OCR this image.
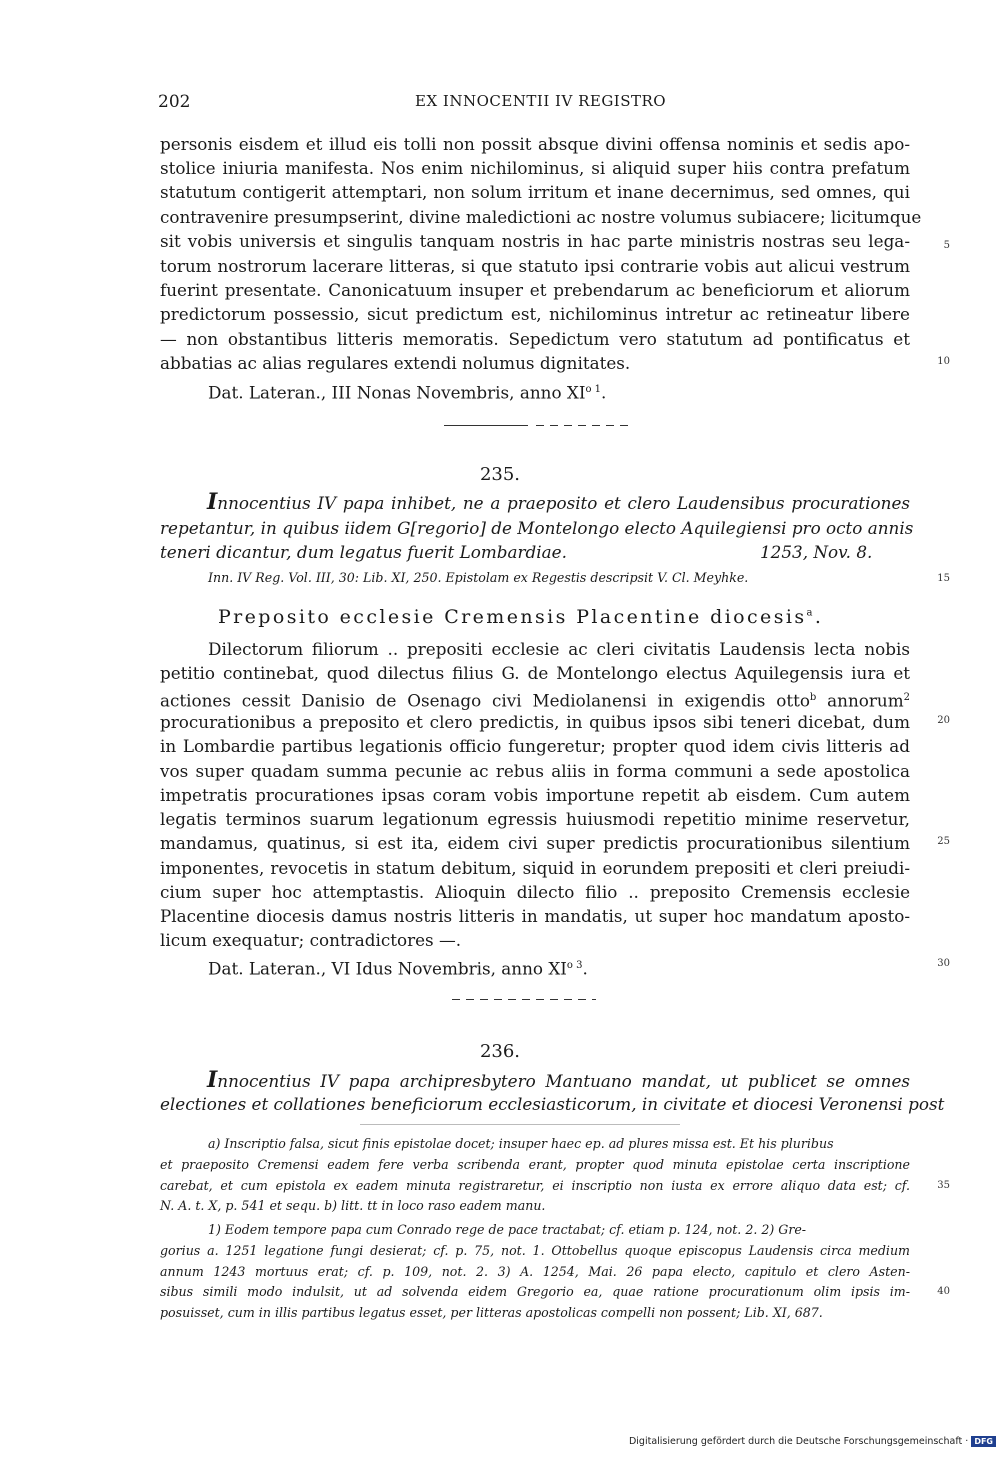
202	EX INNOCENTII IV REGISTRO
personis eisdem et illud eis tolli non possit absque divini offensa nominis et sedis apo-
stolice iniuria manifesta. Nos enim nichilominus, si aliquid super hiis contra prefatum
statutum contigerit attemptari, non solum irritum et inane decernimus, sed omnes, qui
contravenire presumpserint, divine maledictioni ac nostre volumus subiacere; licitumque
sit vobis universis et singulis tanquam nostris in hac parte ministris nostras seu lega-
torum nostrorum lacerare litteras, si que statuto ipsi contrarie vobis aut alicui vestrum
fuerint presentate. Canonicatuum insuper et prebendarum ac beneficiorum et aliorum
predictorum possessio, sicut predictum est, nichilominus intretur ac retineatur libere
— non obstantibus litteris memoratis. Sepedictum vero statutum ad pontificatus et
abbatias ac alias regulares extendi nolumus dignitates.
Dat. Lateran., III Nonas Novembris, anno $XI^{o 1}$.
5
10
235.
Innocentius IV papa inhibet, ne a praeposito et clero Laudensibus procurationes
repetantur, in quibus iidem G[regorio] de Montelongo electo Aquilegiensi pro octo annis
teneri dicantur, dum legatus fuerit Lombardiae.	1253, Nov. 8.
Inn. IV Reg. Vol. III, 30: Lib. XI, 250. Epistolam ex Regestis descripsit V. Cl. Meyhke.	15
Preposito ecclesie Cremensis Placentine diocesis$^a$.
Dilectorum filiorum .. prepositi ecclesie ac cleri civitatis Laudensis lecta nobis
petitio continebat, quod dilectus filius G. de Montelongo electus Aquilegensis iura et
actiones cessit Danisio de Osenago civi Mediolanensi in exigendis otto$^b$ annorum$^2$
procurationibus a preposito et clero predictis, in quibus ipsos sibi teneri dicebat, dum
in Lombardie partibus legationis officio fungeretur; propter quod idem civis litteris ad
vos super quadam summa pecunie ac rebus aliis in forma communi a sede apostolica
impetratis procurationes ipsas coram vobis importune repetit ab eisdem. Cum autem
legatis terminos suarum legationum egressis huiusmodi repetitio minime reservetur,
mandamus, quatinus, si est ita, eidem civi super predictis procurationibus silentium
imponentes, revocetis in statum debitum, siquid in eorundem prepositi et cleri preiudi-
cium super hoc attemptastis. Alioquin dilecto filio .. preposito Cremensis ecclesie
Placentine diocesis damus nostris litteris in mandatis, ut super hoc mandatum aposto-
licum exequatur; contradictores —.
Dat. Lateran., VI Idus Novembris, anno $XI^{o 3}$.
20
25
30
236.
Innocentius IV papa archipresbytero Mantuano mandat, ut publicet se omnes
electiones et collationes beneficiorum ecclesiasticorum, in civitate et diocesi Veronensi post
a) Inscriptio falsa, sicut finis epistolae docet; insuper haec ep. ad plures missa est. Et his pluribus
et praeposito Cremensi eadem fere verba scribenda erant, propter quod minuta epistolae certa inscriptione
carebat, et cum epistola ex eadem minuta registraretur, ei inscriptio non iusta ex errore aliquo data est; cf.
N. A. t. X, p. 541 et sequ. b) litt. tt in loco raso eadem manu.
35
1) Eodem tempore papa cum Conrado rege de pace tractabat; cf. etiam p. 124, not. 2. 2) Gre-
gorius a. 1251 legatione fungi desierat; cf. p. 75, not. 1. Ottobellus quoque episcopus Laudensis circa medium
annum 1243 mortuus erat; cf. p. 109, not. 2. 3) A. 1254, Mai. 26 papa electo, capitulo et clero Asten-
sibus simili modo indulsit, ut ad solvenda eidem Gregorio ea, quae ratione procurationum olim ipsis im-
posuisset, cum in illis partibus legatus esset, per litteras apostolicas compelli non possent; Lib. XI, 687.
40
Digitalisierung gefördert durch die Deutsche Forschungsgemeinschaft · DFG
